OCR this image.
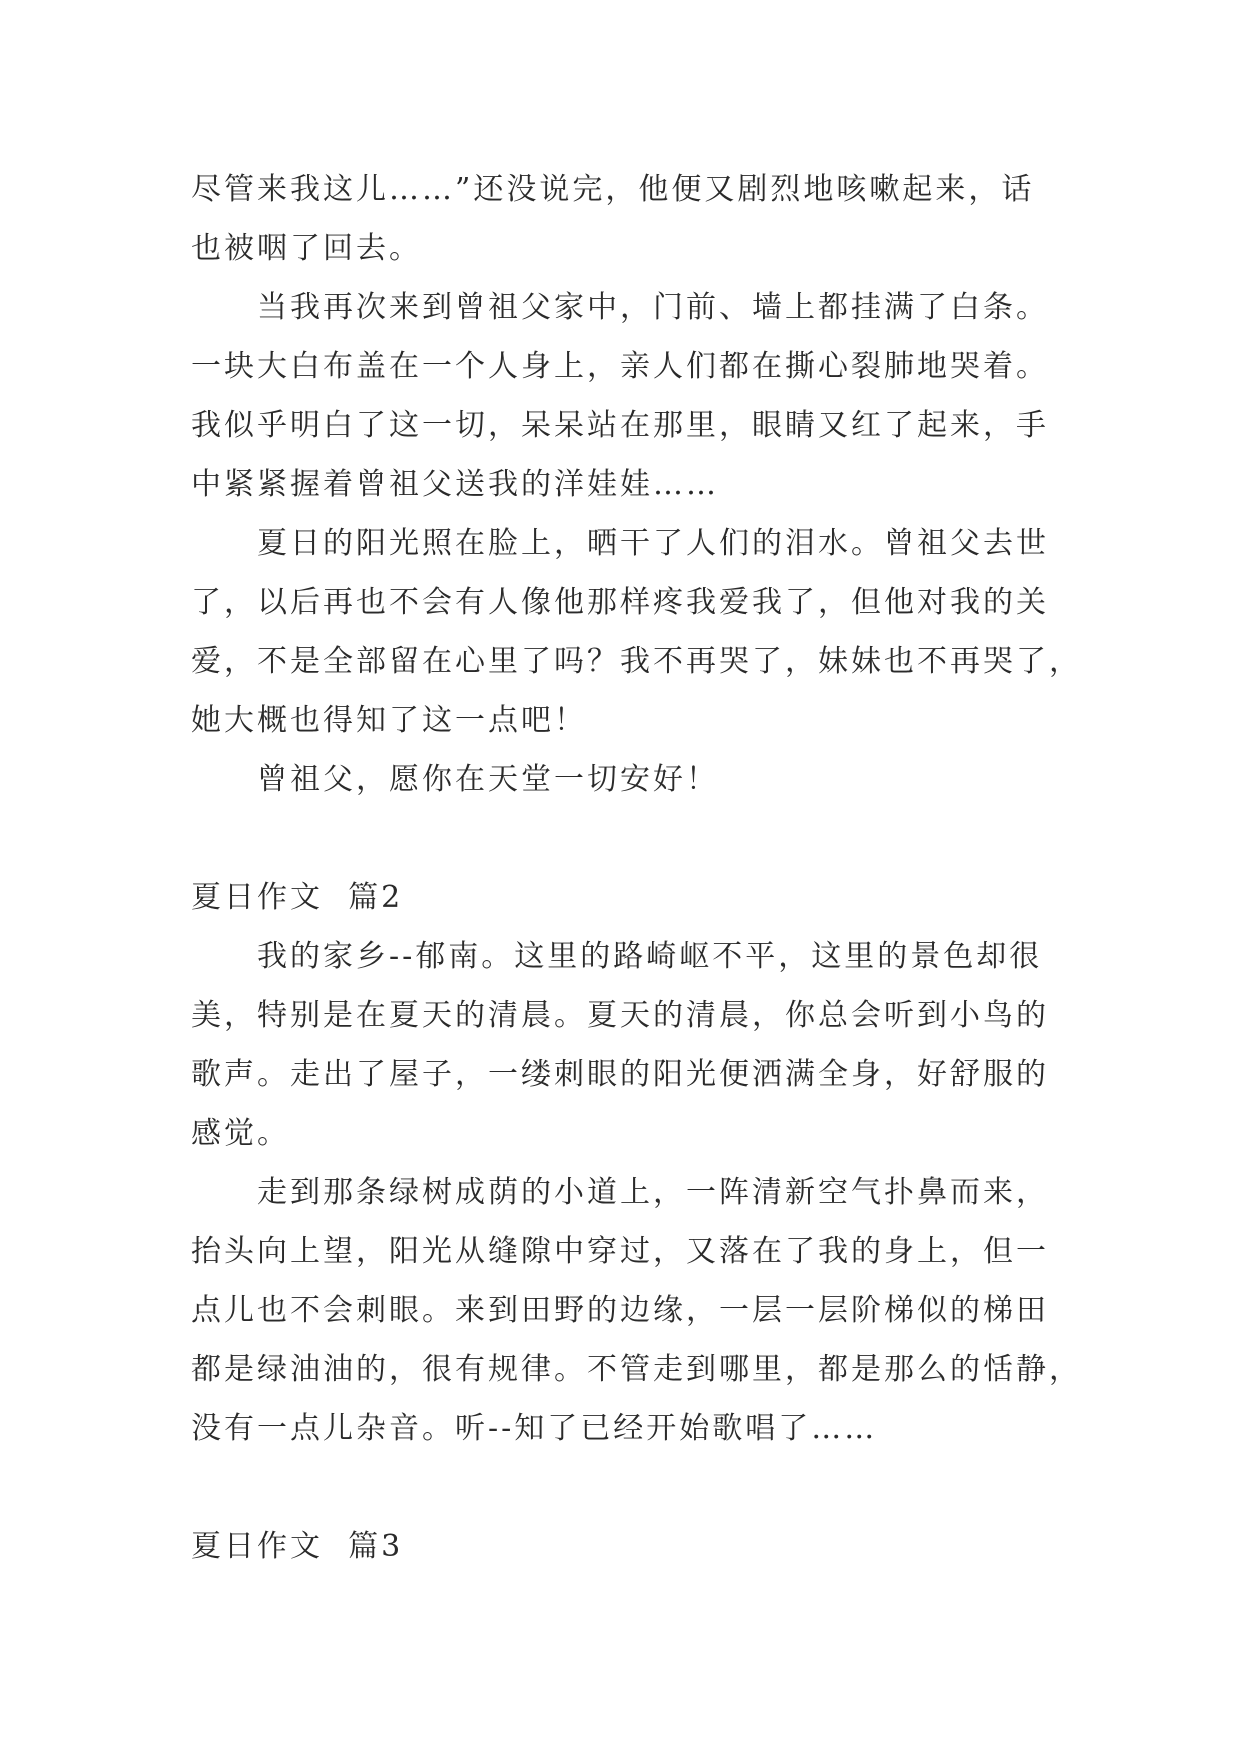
尽管来我这儿……”还没说完，他便又剧烈地咳嗽起来，话
也被咽了回去。
当我再次来到曾祖父家中，门前、墙上都挂满了白条。
一块大白布盖在一个人身上，亲人们都在撕心裂肺地哭着。
我似乎明白了这一切，呆呆站在那里，眼睛又红了起来，手
中紧紧握着曾祖父送我的洋娃娃……
夏日的阳光照在脸上，晒干了人们的泪水。曾祖父去世
了，以后再也不会有人像他那样疼我爱我了，但他对我的关
爱，不是全部留在心里了吗？我不再哭了，妹妹也不再哭了，
她大概也得知了这一点吧！
曾祖父，愿你在天堂一切安好！
夏日作文  篇2
我的家乡--郁南。这里的路崎岖不平，这里的景色却很
美，特别是在夏天的清晨。夏天的清晨，你总会听到小鸟的
歌声。走出了屋子，一缕刺眼的阳光便洒满全身，好舒服的
感觉。
走到那条绿树成荫的小道上，一阵清新空气扑鼻而来，
抬头向上望，阳光从缝隙中穿过，又落在了我的身上，但一
点儿也不会刺眼。来到田野的边缘，一层一层阶梯似的梯田
都是绿油油的，很有规律。不管走到哪里，都是那么的恬静，
没有一点儿杂音。听--知了已经开始歌唱了……
夏日作文  篇3
